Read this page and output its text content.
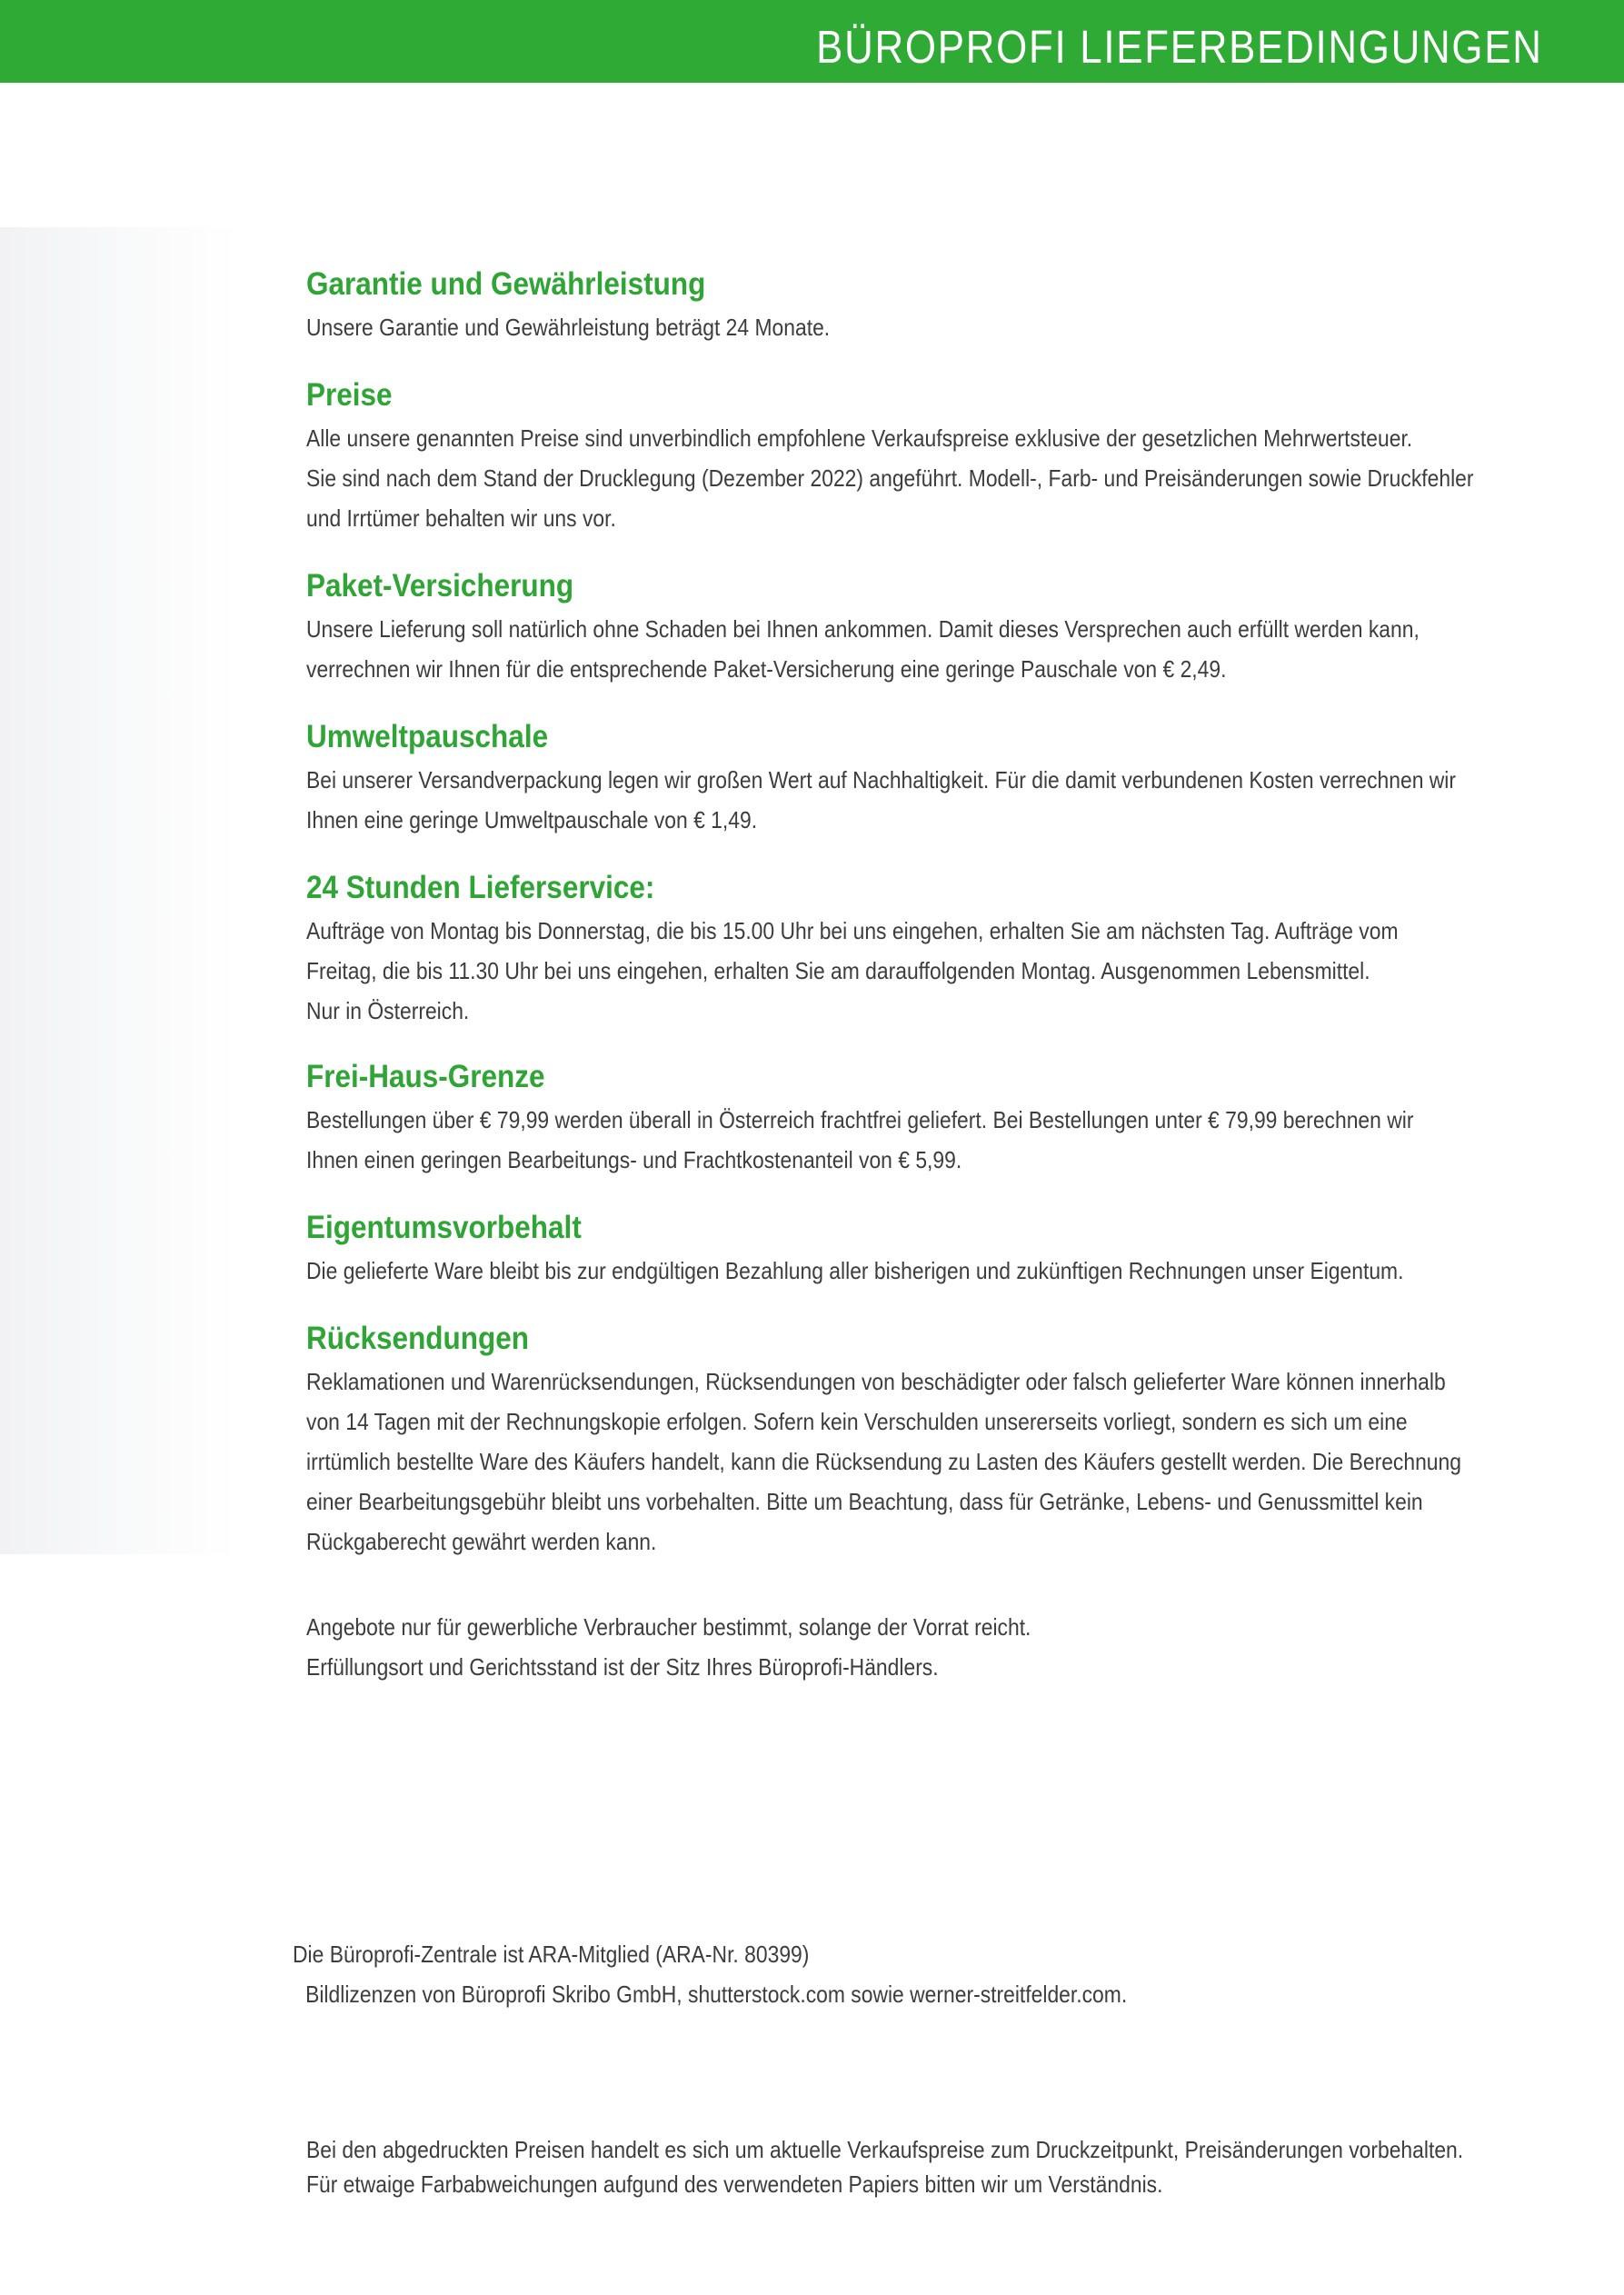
BÜROPROFI LIEFERBEDINGUNGEN
Garantie und Gewährleistung

Unsere Garantie und Gewährleistung beträgt 24 Monate.

Preise

Alle unsere genannten Preise sind unverbindlich empfohlene Verkaufspreise exklusive der gesetzlichen Mehrwertsteuer.

Sie sind nach dem Stand der Drucklegung (Dezember 2022) angeführt. Modell-, Farb- und Preisänderungen sowie Druckfehler

und Irrtümer behalten wir uns vor.

Paket-Versicherung

Unsere Lieferung soll natürlich ohne Schaden bei Ihnen ankommen. Damit dieses Versprechen auch erfüllt werden kann,

verrechnen wir Ihnen für die entsprechende Paket-Versicherung eine geringe Pauschale von € 2,49.

Umweltpauschale

Bei unserer Versandverpackung legen wir großen Wert auf Nachhaltigkeit. Für die damit verbundenen Kosten verrechnen wir

Ihnen eine geringe Umweltpauschale von € 1,49.

24 Stunden Lieferservice:

Aufträge von Montag bis Donnerstag, die bis 15.00 Uhr bei uns eingehen, erhalten Sie am nächsten Tag. Aufträge vom

Freitag, die bis 11.30 Uhr bei uns eingehen, erhalten Sie am darauffolgenden Montag. Ausgenommen Lebensmittel.

Nur in Österreich.

Frei-Haus-Grenze

Bestellungen über € 79,99 werden überall in Österreich frachtfrei geliefert. Bei Bestellungen unter € 79,99 berechnen wir

Ihnen einen geringen Bearbeitungs- und Frachtkostenanteil von € 5,99.

Eigentumsvorbehalt

Die gelieferte Ware bleibt bis zur endgültigen Bezahlung aller bisherigen und zukünftigen Rechnungen unser Eigentum.

Rücksendungen

Reklamationen und Warenrücksendungen, Rücksendungen von beschädigter oder falsch gelieferter Ware können innerhalb

von 14 Tagen mit der Rechnungskopie erfolgen. Sofern kein Verschulden unsererseits vorliegt, sondern es sich um eine

irrtümlich bestellte Ware des Käufers handelt, kann die Rücksendung zu Lasten des Käufers gestellt werden. Die Berechnung

einer Bearbeitungsgebühr bleibt uns vorbehalten. Bitte um Beachtung, dass für Getränke, Lebens- und Genussmittel kein

Rückgaberecht gewährt werden kann.

Angebote nur für gewerbliche Verbraucher bestimmt, solange der Vorrat reicht.

Erfüllungsort und Gerichtsstand ist der Sitz Ihres Büroprofi-Händlers.

Die Büroprofi-Zentrale ist ARA-Mitglied (ARA-Nr. 80399)

Bildlizenzen von Büroprofi Skribo GmbH, shutterstock.com sowie werner-streitfelder.com.

Bei den abgedruckten Preisen handelt es sich um aktuelle Verkaufspreise zum Druckzeitpunkt, Preisänderungen vorbehalten.

Für etwaige Farbabweichungen aufgund des verwendeten Papiers bitten wir um Verständnis.
